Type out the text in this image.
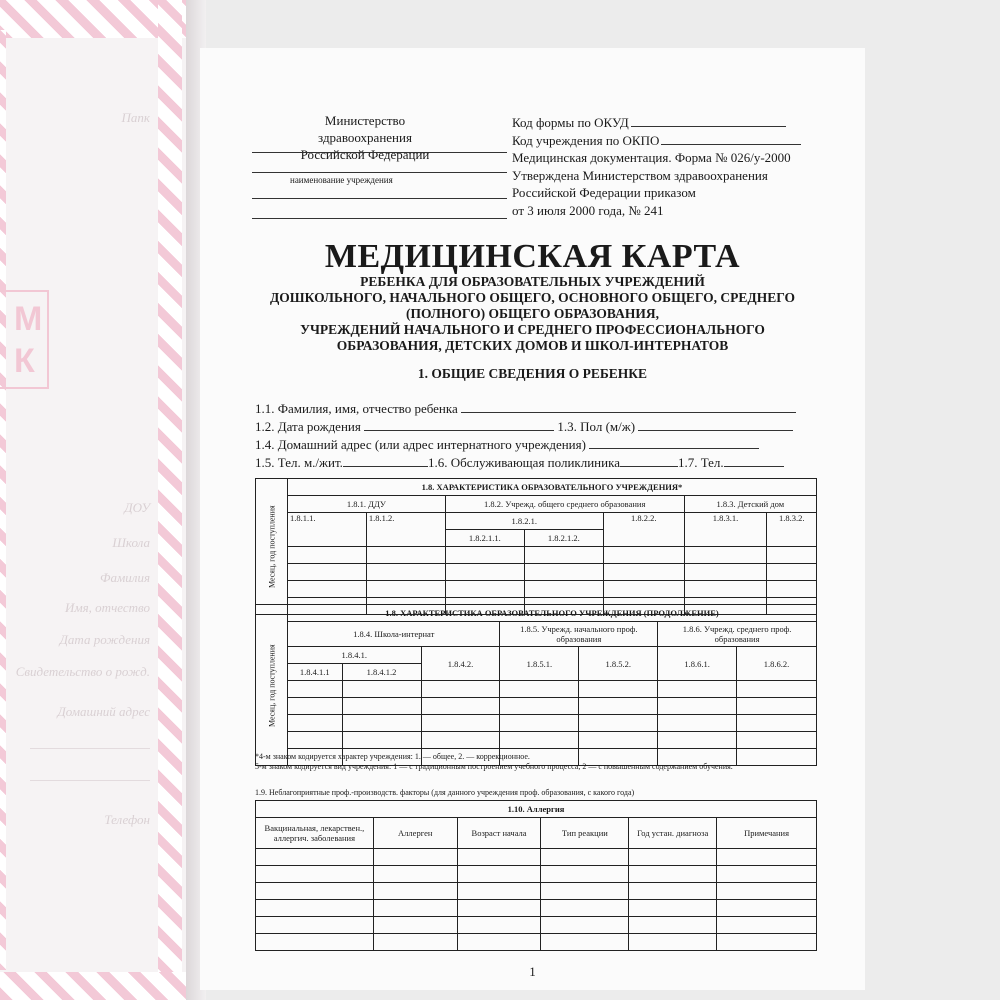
М
К
Папк
ДОУ
Школа
Фамилия
Имя, отчество
Дата рождения
Свидетельство о рожд.
Домашний адрес
Телефон
Министерство здравоохранения
Российской Федерации
наименование учреждения
Код формы по ОКУД
Код учреждения по ОКПО
Медицинская документация. Форма № 026/у-2000
Утверждена Министерством здравоохранения
Российской Федерации приказом
от 3 июля 2000 года, № 241
МЕДИЦИНСКАЯ КАРТА
РЕБЕНКА ДЛЯ ОБРАЗОВАТЕЛЬНЫХ УЧРЕЖДЕНИЙ
ДОШКОЛЬНОГО, НАЧАЛЬНОГО ОБЩЕГО, ОСНОВНОГО ОБЩЕГО, СРЕДНЕГО
(ПОЛНОГО) ОБЩЕГО ОБРАЗОВАНИЯ,
УЧРЕЖДЕНИЙ НАЧАЛЬНОГО И СРЕДНЕГО ПРОФЕССИОНАЛЬНОГО
ОБРАЗОВАНИЯ, ДЕТСКИХ ДОМОВ И ШКОЛ-ИНТЕРНАТОВ
1. ОБЩИЕ СВЕДЕНИЯ О РЕБЕНКЕ
1.1. Фамилия, имя, отчество ребенка
1.2. Дата рождения	1.3. Пол (м/ж)
1.4. Домашний адрес (или адрес интернатного учреждения)
1.5. Тел. м./жит.	1.6. Обслуживающая поликлиника	1.7. Тел.
Месяц, год поступления	1.8. ХАРАКТЕРИСТИКА ОБРАЗОВАТЕЛЬНОГО УЧРЕЖДЕНИЯ*						
	1.8.1. ДДУ		1.8.2. Учрежд. общего среднего образования			1.8.3. Детский дом	
	1.8.1.1.	1.8.1.2.	1.8.2.1.		1.8.2.2.	1.8.3.1.	1.8.3.2.
			1.8.2.1.1.	1.8.2.1.2.			

Месяц, год поступления	1.8. ХАРАКТЕРИСТИКА ОБРАЗОВАТЕЛЬНОГО УЧРЕЖДЕНИЯ (ПРОДОЛЖЕНИЕ)						
	1.8.4. Школа-интернат			1.8.5. Учрежд. начального проф. образования		1.8.6. Учрежд. среднего проф. образования	
	1.8.4.1.		1.8.4.2.	1.8.5.1.	1.8.5.2.	1.8.6.1.	1.8.6.2.
	1.8.4.1.1	1.8.4.1.2					

*4-м знаком кодируется характер учреждения: 1. — общее, 2. — коррекционное.
5-м знаком кодируется вид учреждения: 1 — с традиционным построением учебного процесса, 2 — с повышенным содержанием обучения.
1.9. Неблагоприятные проф.-производств. факторы (для данного учреждения проф. образования, с какого года)
1.10. Аллергия					
Вакцинальная, лекарствен., аллергич. заболевания	Аллерген	Возраст начала	Тип реакции	Год устан. диагноза	Примечания

1
